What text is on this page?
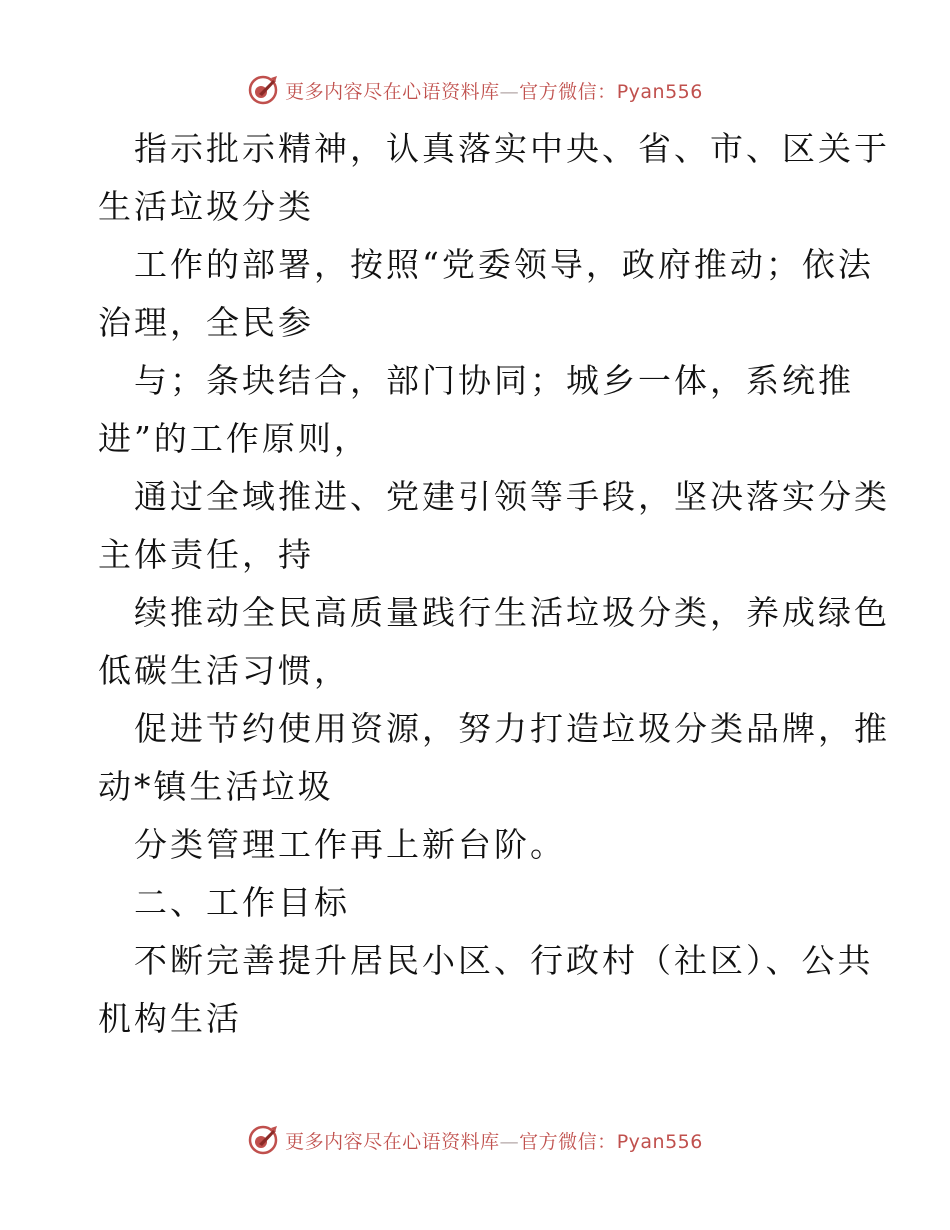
更多内容尽在心语资料库—官方微信：Pyan556
指示批示精神，认真落实中央、省、市、区关于
生活垃圾分类
工作的部署，按照“党委领导，政府推动；依法
治理，全民参
与；条块结合，部门协同；城乡一体，系统推
进”的工作原则，
通过全域推进、党建引领等手段，坚决落实分类
主体责任，持
续推动全民高质量践行生活垃圾分类，养成绿色
低碳生活习惯，
促进节约使用资源，努力打造垃圾分类品牌，推
动*镇生活垃圾
分类管理工作再上新台阶。
二、工作目标
不断完善提升居民小区、行政村（社区）、公共
机构生活
更多内容尽在心语资料库—官方微信：Pyan556
